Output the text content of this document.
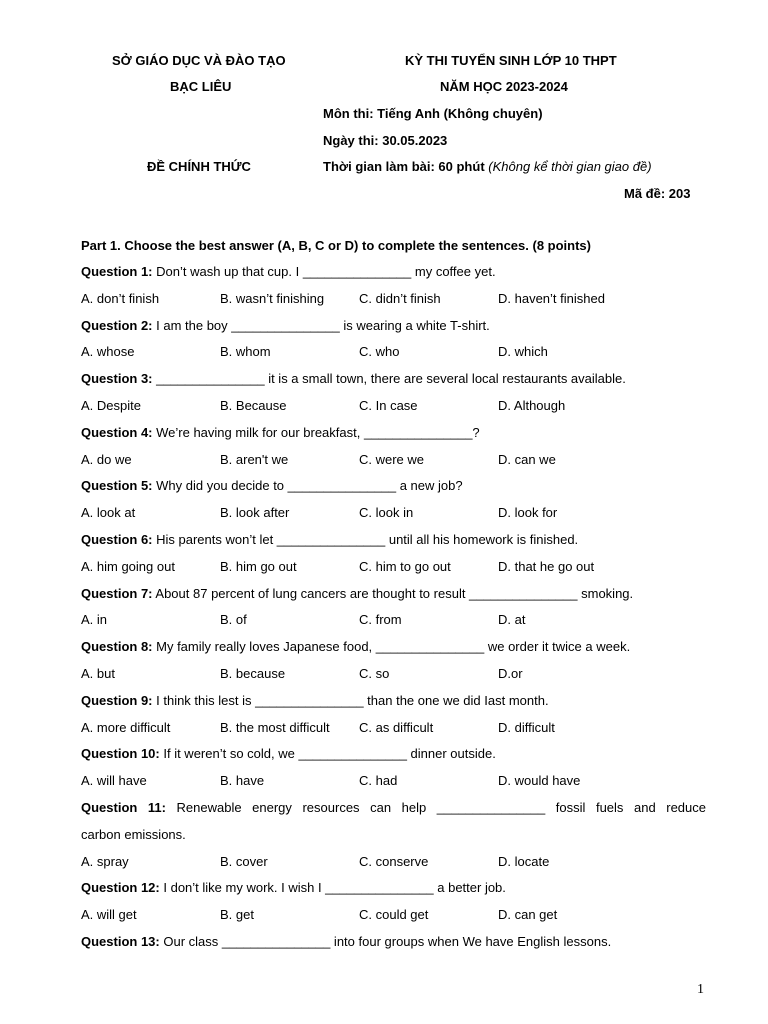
SỞ GIÁO DỤC VÀ ĐÀO TẠO
BẠC LIÊU
ĐỀ CHÍNH THỨC
KỲ THI TUYỂN SINH LỚP 10 THPT
NĂM HỌC 2023-2024
Môn thi: Tiếng Anh (Không chuyên)
Ngày thi: 30.05.2023
Thời gian làm bài: 60 phút (Không kể thời gian giao đề)
Mã đề: 203
Part 1. Choose the best answer (A, B, C or D) to complete the sentences. (8 points)
Question 1: Don’t wash up that cup. I _______________ my coffee yet.
A. don’t finish	B. wasn’t finishing	C. didn’t finish	D. haven’t finished
Question 2: I am the boy _______________ is wearing a white T-shirt.
A. whose	B. whom	C. who	D. which
Question 3: _______________ it is a small town, there are several local restaurants available.
A. Despite	B. Because	C. In case	D. Although
Question 4: We’re having milk for our breakfast, _______________?
A. do we	B. aren't we	C. were we	D. can we
Question 5: Why did you decide to _______________ a new job?
A. look at	B. look after	C. look in	D. look for
Question 6: His parents won’t let _______________ until all his homework is finished.
A. him going out	B. him go out	C. him to go out	D. that he go out
Question 7: About 87 percent of lung cancers are thought to result _______________ smoking.
A. in	B. of	C. from	D. at
Question 8: My family really loves Japanese food, _______________ we order it twice a week.
A. but	B. because	C. so	D.or
Question 9: I think this lest is _______________ than the one we did Iast month.
A. more difficult	B. the most difficult C. as difficult	D. difficult
Question 10: If it weren’t so cold, we _______________ dinner outside.
A. will have	B. have	C. had	D. would have
Question 11: Renewable energy resources can help _______________ fossil fuels and reduce
carbon emissions.
A. spray	B. cover	C. conserve	D. locate
Question 12: I don’t like my work. I wish I _______________ a better job.
A. will get	B. get	C. could get	D. can get
Question 13: Our class _______________ into four groups when We have English lessons.
1
